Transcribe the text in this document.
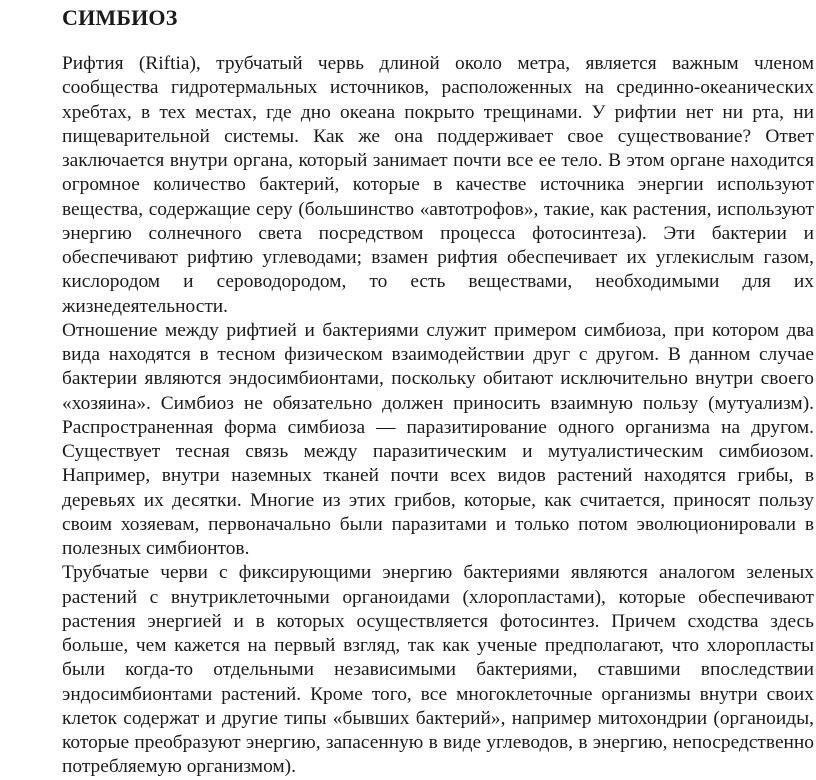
СИМБИОЗ

Рифтия (Riftia), трубчатый червь длиной около метра, является важным членом сообщества гидротермальных источников, расположенных на срединно-океанических хребтах, в тех местах, где дно океана покрыто трещинами. У рифтии нет ни рта, ни пищеварительной системы. Как же она поддерживает свое существование? Ответ заключается внутри органа, который занимает почти все ее тело. В этом органе находится огромное количество бактерий, которые в качестве источника энергии используют вещества, содержащие серу (большинство «автотрофов», такие, как растения, используют энергию солнечного света посредством процесса фотосинтеза). Эти бактерии и обеспечивают рифтию углеводами; взамен рифтия обеспечивает их углекислым газом, кислородом и сероводородом, то есть веществами, необходимыми для их жизнедеятельности.

Отношение между рифтией и бактериями служит примером симбиоза, при котором два вида находятся в тесном физическом взаимодействии друг с другом. В данном случае бактерии являются эндосимбионтами, поскольку обитают исключительно внутри своего «хозяина». Симбиоз не обязательно должен приносить взаимную пользу (мутуализм). Распространенная форма симбиоза — паразитирование одного организма на другом. Существует тесная связь между паразитическим и мутуалистическим симбиозом. Например, внутри наземных тканей почти всех видов растений находятся грибы, в деревьях их десятки. Многие из этих грибов, которые, как считается, приносят пользу своим хозяевам, первоначально были паразитами и только потом эволюционировали в полезных симбионтов.

Трубчатые черви с фиксирующими энергию бактериями являются аналогом зеленых растений с внутриклеточными органоидами (хлоропластами), которые обеспечивают растения энергией и в которых осуществляется фотосинтез. Причем сходства здесь больше, чем кажется на первый взгляд, так как ученые предполагают, что хлоропласты были когда-то отдельными независимыми бактериями, ставшими впоследствии эндосимбионтами растений. Кроме того, все многоклеточные организмы внутри своих клеток содержат и другие типы «бывших бактерий», например митохондрии (органоиды, которые преобразуют энергию, запасенную в виде углеводов, в энергию, непосредственно потребляемую организмом).
